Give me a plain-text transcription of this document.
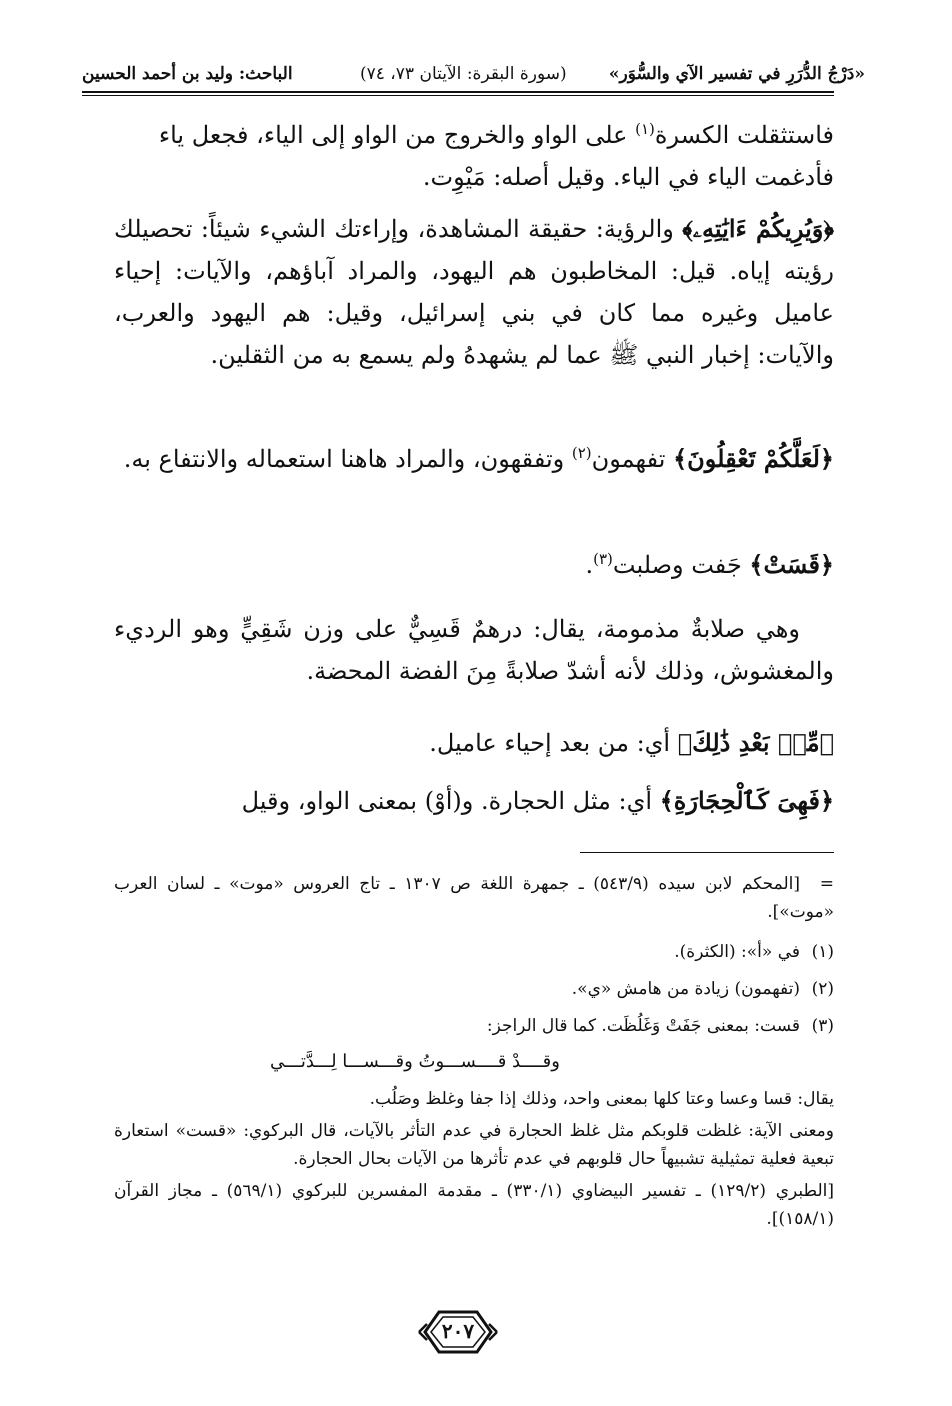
«دَرْجُ الدُّرَرِ في تفسير الآي والسُّوَر»
(سورة البقرة: الآيتان ٧٣، ٧٤)
الباحث: وليد بن أحمد الحسين

فاستثقلت الكسرة$^{(١)}$ على الواو والخروج من الواو إلى الياء، فجعل ياء

فأدغمت الياء في الياء. وقيل أصله: مَيْوِت.

﴿وَيُرِيكُمْ ءَايَٰتِهِۦ﴾ والرؤية: حقيقة المشاهدة، وإراءتك الشيء شيئاً: تحصيلك رؤيته إياه. قيل: المخاطبون هم اليهود، والمراد آباؤهم، والآيات: إحياء عاميل وغيره مما كان في بني إسرائيل، وقيل: هم اليهود والعرب، والآيات: إخبار النبي ﷺ عما لم يشهدهُ ولم يسمع به من الثقلين.

﴿لَعَلَّكُمْ تَعْقِلُونَ﴾ تفهمون$^{(٢)}$ وتفقهون، والمراد هاهنا استعماله والانتفاع به.

﴿قَسَتْ﴾ جَفت وصلبت$^{(٣)}$.

وهي صلابةٌ مذمومة، يقال: درهمٌ قَسِيٌّ على وزن شَقِيٍّ وهو الرديء والمغشوش، وذلك لأنه أشدّ صلابةً مِنَ الفضة المحضة.

﴿مِّنۢ بَعْدِ ذَٰلِكَ﴾ أي: من بعد إحياء عاميل.

﴿فَهِىَ كَٱلْحِجَارَةِ﴾ أي: مثل الحجارة. و(أوْ) بمعنى الواو، وقيل

=[المحكم لابن سيده (٥٤٣/٩) ـ جمهرة اللغة ص ١٣٠٧ ـ تاج العروس «موت» ـ لسان العرب «موت»].

(١)في «أ»: (الكثرة).

(٢)(تفهمون) زيادة من هامش «ي».

(٣)قست: بمعنى جَفَتْ وَغَلُظَت. كما قال الراجز:

وقــــدْ قــــســـوتُ وقـــســـا لِـــدَّتـــي

يقال: قسا وعسا وعتا كلها بمعنى واحد، وذلك إذا جفا وغلظ وصَلُب.

ومعنى الآية: غلظت قلوبكم مثل غلظ الحجارة في عدم التأثر بالآيات، قال البركوي: «قست» استعارة تبعية فعلية تمثيلية تشبيهاً حال قلوبهم في عدم تأثرها من الآيات بحال الحجارة.

[الطبري (١٢٩/٢) ـ تفسير البيضاوي (٣٣٠/١) ـ مقدمة المفسرين للبركوي (٥٦٩/١) ـ مجاز القرآن (١٥٨/١)].

٢٠٧
